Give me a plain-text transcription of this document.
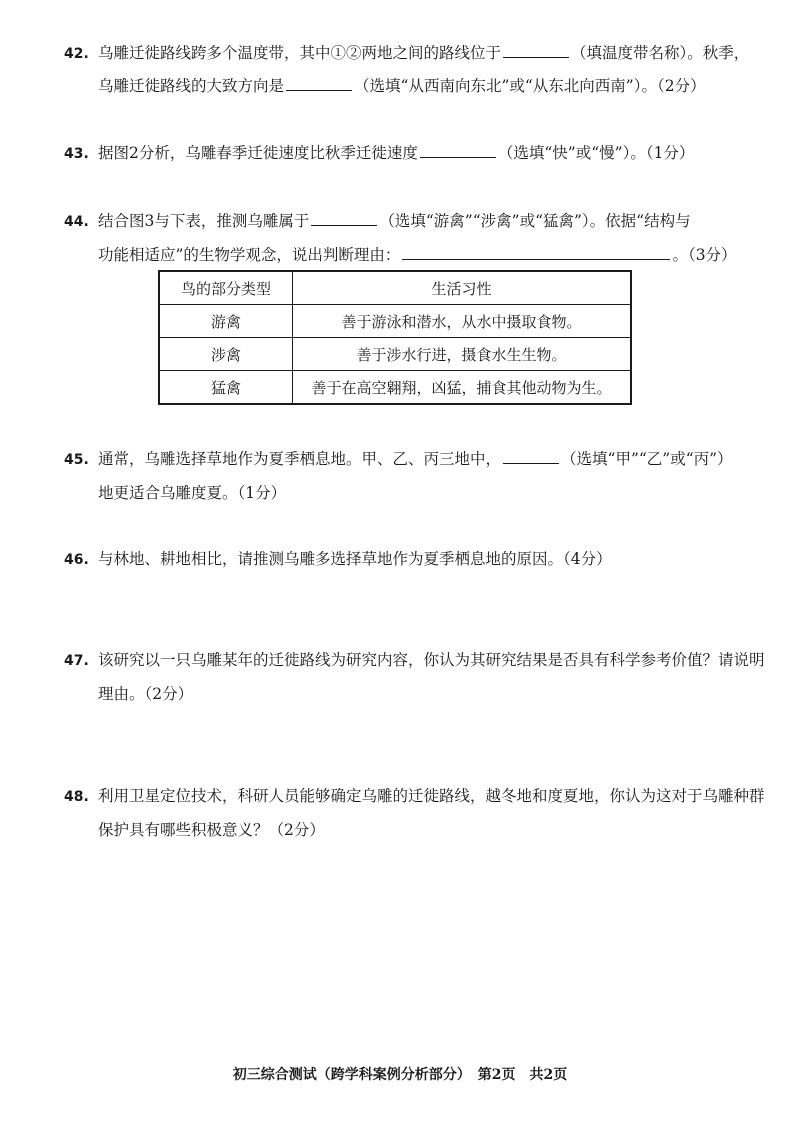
42. 乌雕迁徙路线跨多个温度带，其中①②两地之间的路线位于	（填温度带名称）。秋季，
乌雕迁徙路线的大致方向是	（选填“从西南向东北”或“从东北向西南”）。（2分）
43. 据图2分析，乌雕春季迁徙速度比秋季迁徙速度	（选填“快”或“慢”）。（1分）
44. 结合图3与下表，推测乌雕属于	（选填“游禽”“涉禽”或“猛禽”）。依据“结构与
功能相适应”的生物学观念，说出判断理由：	。（3分）
鸟的部分类型	生活习性
游禽	善于游泳和潜水，从水中摄取食物。
涉禽	善于涉水行进，摄食水生生物。
猛禽	善于在高空翱翔，凶猛，捕食其他动物为生。
45. 通常，乌雕选择草地作为夏季栖息地。甲、乙、丙三地中，	（选填“甲”“乙”或“丙”）
地更适合乌雕度夏。（1分）
46. 与林地、耕地相比，请推测乌雕多选择草地作为夏季栖息地的原因。（4分）
47. 该研究以一只乌雕某年的迁徙路线为研究内容，你认为其研究结果是否具有科学参考价值？请说明
理由。（2分）
48. 利用卫星定位技术，科研人员能够确定乌雕的迁徙路线，越冬地和度夏地，你认为这对于乌雕种群
保护具有哪些积极意义？（2分）
初三综合测试（跨学科案例分析部分）　第2页　共2页
